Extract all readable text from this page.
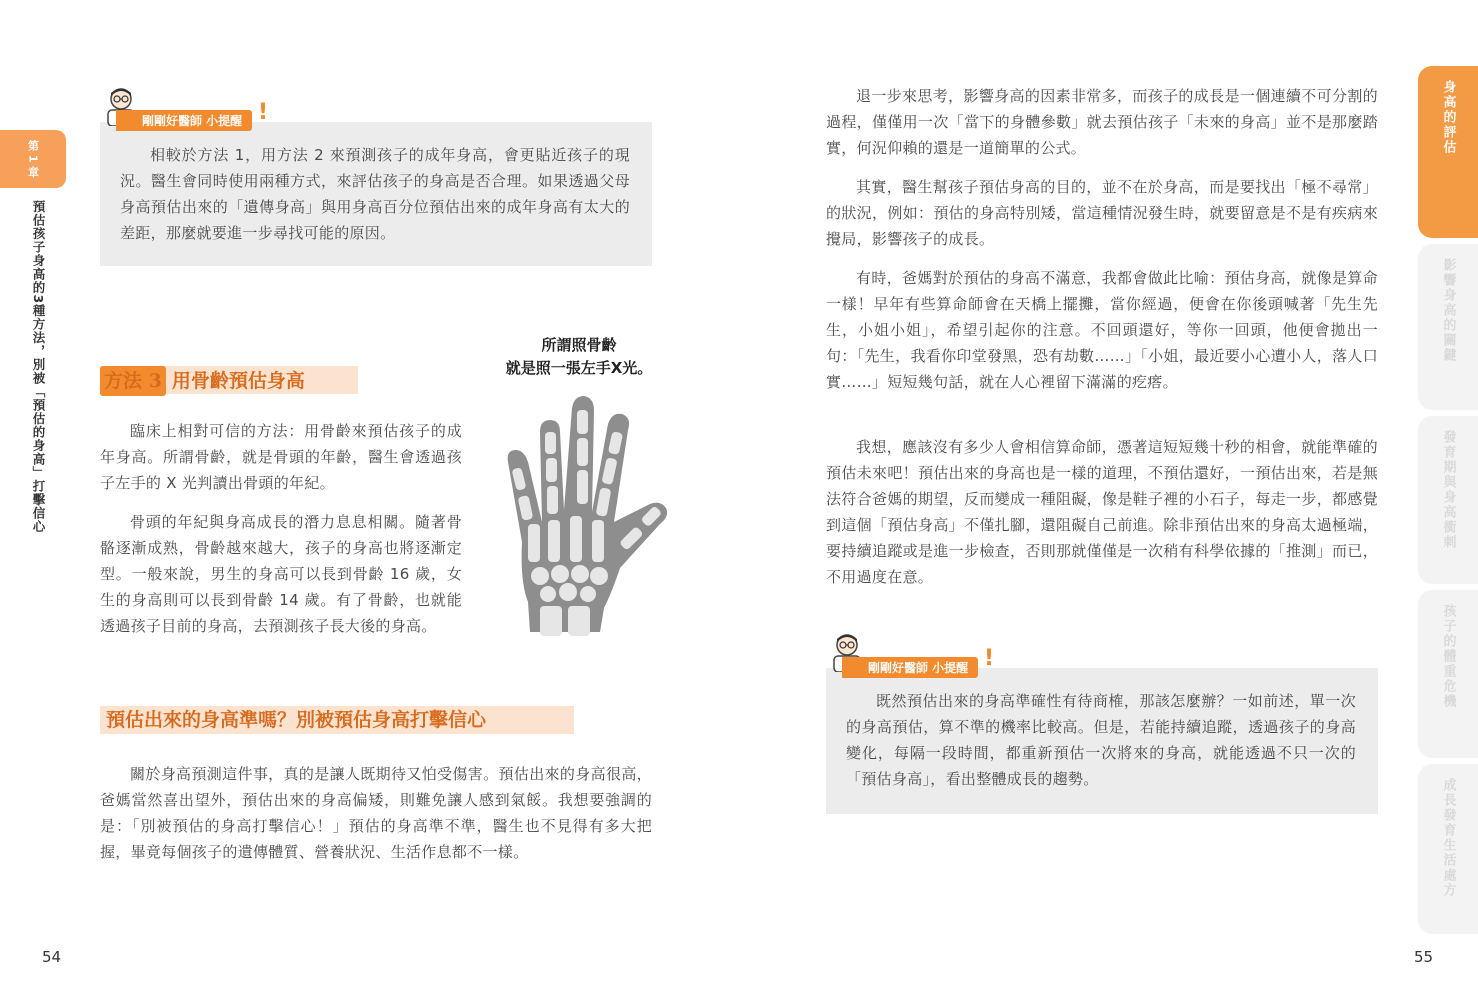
第 1 章
預估孩子身高的3種方法，別被「預估的身高」打擊信心
剛剛好醫師 小提醒 !

相較於方法 1，用方法 2 來預測孩子的成年身高，會更貼近孩子的現況。醫生會同時使用兩種方式，來評估孩子的身高是否合理。如果透過父母身高預估出來的「遺傳身高」與用身高百分位預估出來的成年身高有太大的差距，那麼就要進一步尋找可能的原因。

方法 3 用骨齡預估身高

臨床上相對可信的方法：用骨齡來預估孩子的成年身高。所謂骨齡，就是骨頭的年齡，醫生會透過孩子左手的 X 光判讀出骨頭的年紀。

骨頭的年紀與身高成長的潛力息息相關。隨著骨骼逐漸成熟，骨齡越來越大，孩子的身高也將逐漸定型。一般來說，男生的身高可以長到骨齡 16 歲，女生的身高則可以長到骨齡 14 歲。有了骨齡，也就能透過孩子目前的身高，去預測孩子長大後的身高。

所謂照骨齡
就是照一張左手X光。
預估出來的身高準嗎？別被預估身高打擊信心

關於身高預測這件事，真的是讓人既期待又怕受傷害。預估出來的身高很高，爸媽當然喜出望外，預估出來的身高偏矮，則難免讓人感到氣餒。我想要強調的是：「別被預估的身高打擊信心！」預估的身高準不準，醫生也不見得有多大把握，畢竟每個孩子的遺傳體質、營養狀況、生活作息都不一樣。

54

退一步來思考，影響身高的因素非常多，而孩子的成長是一個連續不可分割的過程，僅僅用一次「當下的身體參數」就去預估孩子「未來的身高」並不是那麼踏實，何況仰賴的還是一道簡單的公式。

其實，醫生幫孩子預估身高的目的，並不在於身高，而是要找出「極不尋常」的狀況，例如：預估的身高特別矮，當這種情況發生時，就要留意是不是有疾病來攪局，影響孩子的成長。

有時，爸媽對於預估的身高不滿意，我都會做此比喻：預估身高，就像是算命一樣！早年有些算命師會在天橋上擺攤，當你經過，便會在你後頭喊著「先生先生，小姐小姐」，希望引起你的注意。不回頭還好，等你一回頭，他便會拋出一句：「先生，我看你印堂發黑，恐有劫數……」「小姐，最近要小心遭小人，落人口實……」短短幾句話，就在人心裡留下滿滿的疙瘩。

我想，應該沒有多少人會相信算命師，憑著這短短幾十秒的相會，就能準確的預估未來吧！預估出來的身高也是一樣的道理，不預估還好，一預估出來，若是無法符合爸媽的期望，反而變成一種阻礙，像是鞋子裡的小石子，每走一步，都感覺到這個「預估身高」不僅扎腳，還阻礙自己前進。除非預估出來的身高太過極端，要持續追蹤或是進一步檢查，否則那就僅僅是一次稍有科學依據的「推測」而已，不用過度在意。

剛剛好醫師 小提醒 !

既然預估出來的身高準確性有待商榷，那該怎麼辦？一如前述，單一次的身高預估，算不準的機率比較高。但是，若能持續追蹤，透過孩子的身高變化，每隔一段時間，都重新預估一次將來的身高，就能透過不只一次的「預估身高」，看出整體成長的趨勢。

身高的評估
影響身高的關鍵
發育期與身高衝刺
孩子的體重危機
成長發育生活處方
55
